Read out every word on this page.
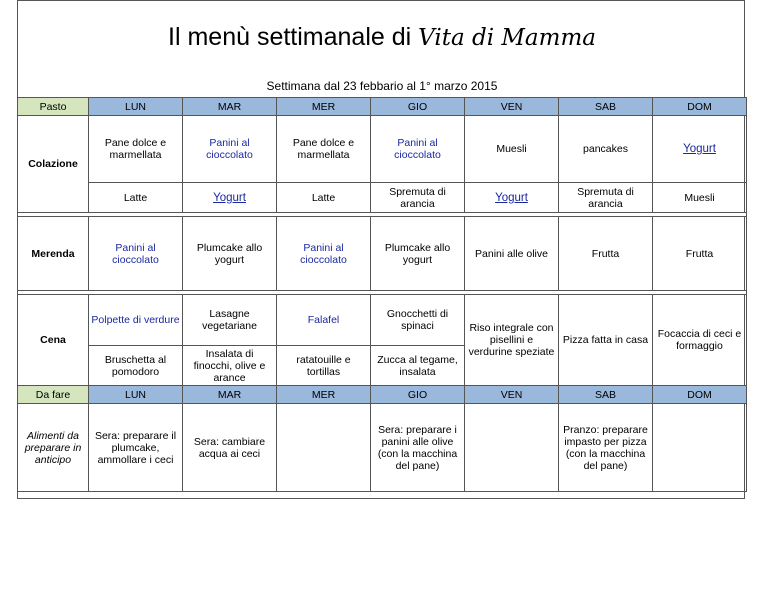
Il menù settimanale di Vita di Mamma
Settimana dal 23 febbario al 1° marzo 2015
Pasto	LUN	MAR	MER	GIO	VEN	SAB	DOM
Colazione	Pane dolce e marmellata	Panini al cioccolato	Pane dolce e marmellata	Panini al cioccolato	Muesli	pancakes	Yogurt
	Latte	Yogurt	Latte	Spremuta di arancia	Yogurt	Spremuta di arancia	Muesli

Merenda	Panini al cioccolato	Plumcake allo yogurt	Panini al cioccolato	Plumcake allo yogurt	Panini alle olive	Frutta	Frutta

Cena	Polpette di verdure	Lasagne vegetariane	Falafel	Gnocchetti di spinaci	Riso integrale con pisellini e verdurine speziate	Pizza fatta in casa	Focaccia di ceci e formaggio
	Bruschetta al pomodoro	Insalata di finocchi, olive e arance	ratatouille e tortillas	Zucca al tegame, insalata			
Da fare	LUN	MAR	MER	GIO	VEN	SAB	DOM
Alimenti da preparare in anticipo	Sera: preparare il plumcake, ammollare i ceci	Sera: cambiare acqua ai ceci		Sera: preparare i panini alle olive (con la macchina del pane)		Pranzo: preparare impasto per pizza (con la macchina del pane)	
